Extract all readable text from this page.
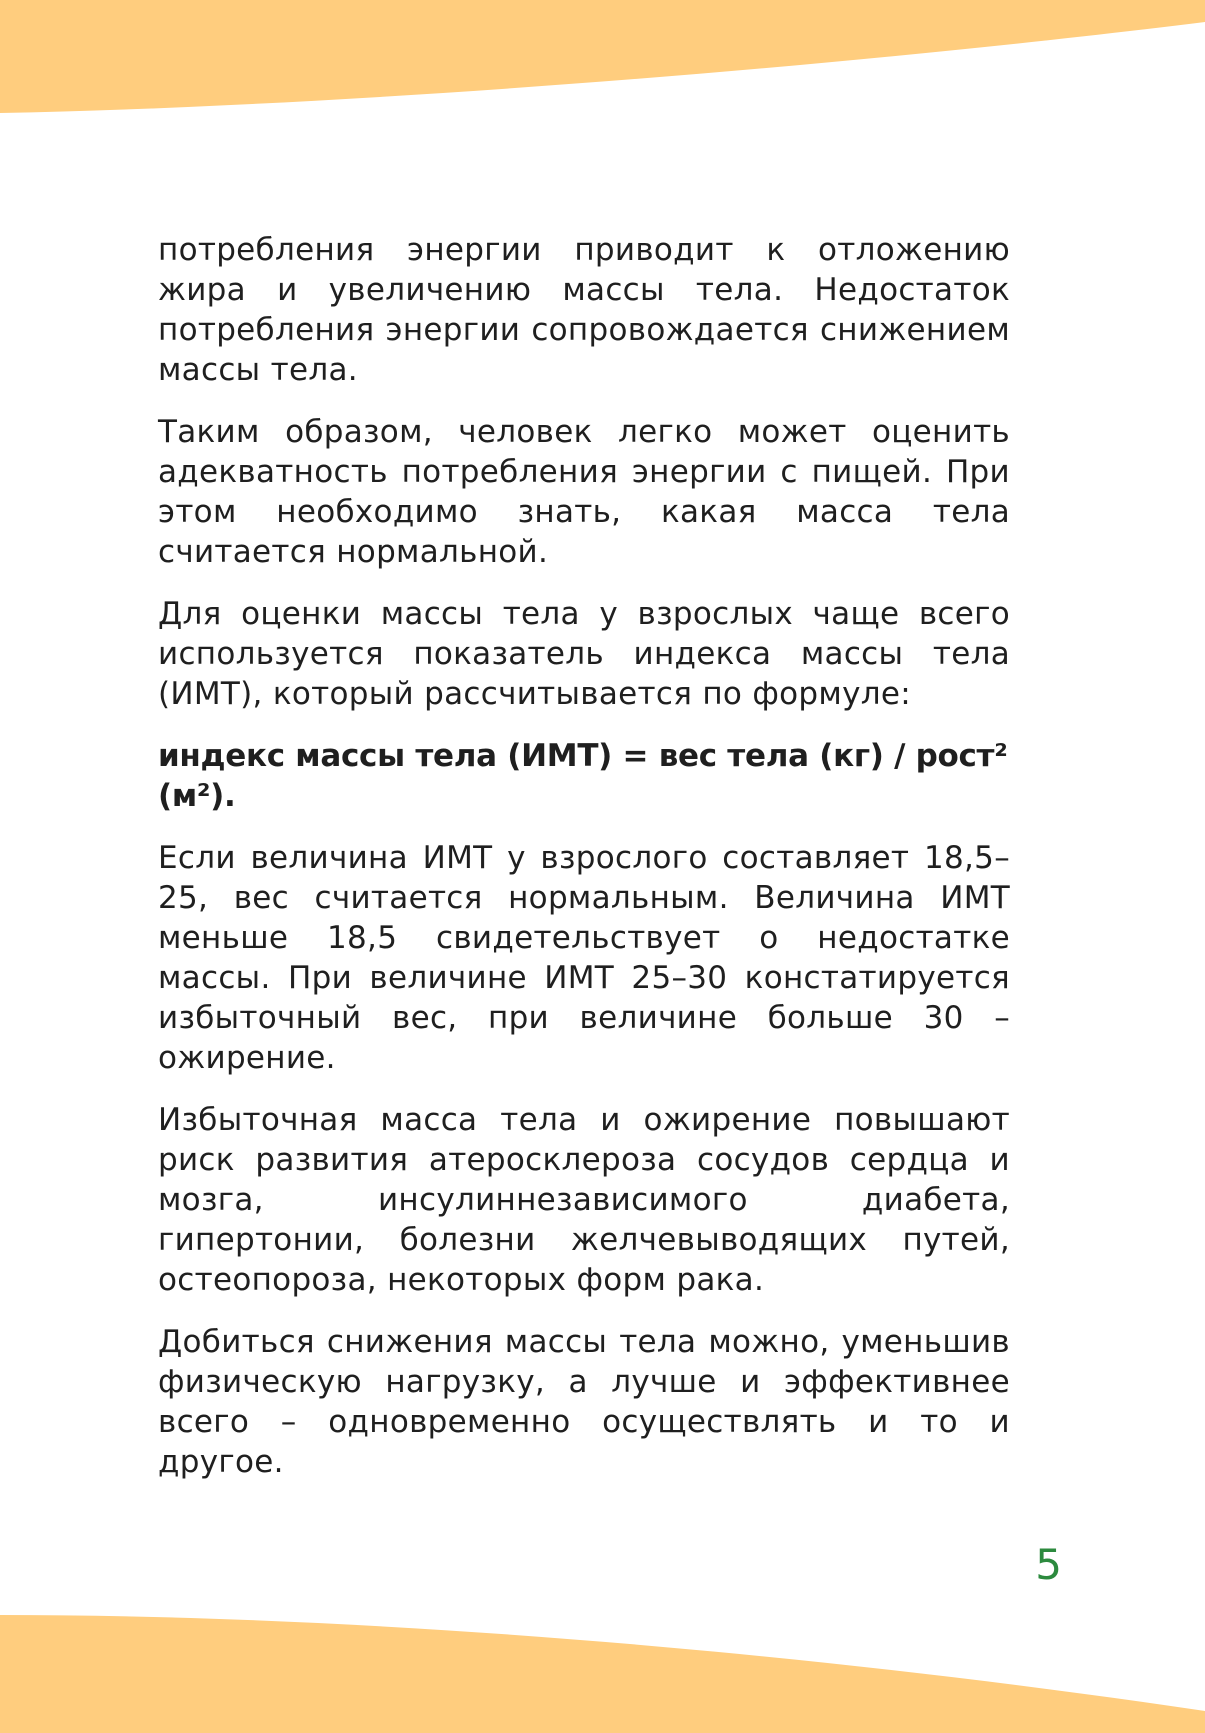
потребления энергии приводит к отложению жира и увеличению массы тела. Недостаток потребления энергии сопровождается снижением массы тела.

Таким образом, человек легко может оценить адекватность потребления энергии с пищей. При этом необходимо знать, какая масса тела считается нормальной.

Для оценки массы тела у взрослых чаще всего используется показатель индекса массы тела (ИМТ), который рассчитывается по формуле:

индекс массы тела (ИМТ) = вес тела (кг) / рост² (м²).

Если величина ИМТ у взрослого составляет 18,5–25, вес считается нормальным. Величина ИМТ меньше 18,5 свидетельствует о недостатке массы. При величине ИМТ 25–30 констатируется избыточный вес, при величине больше 30 – ожирение.

Избыточная масса тела и ожирение повышают риск развития атеросклероза сосудов сердца и мозга, инсулиннезависимого диабета, гипертонии, болезни желчевыводящих путей, остеопороза, некоторых форм рака.

Добиться снижения массы тела можно, уменьшив физическую нагрузку, а лучше и эффективнее всего – одновременно осуществлять и то и другое.

5
